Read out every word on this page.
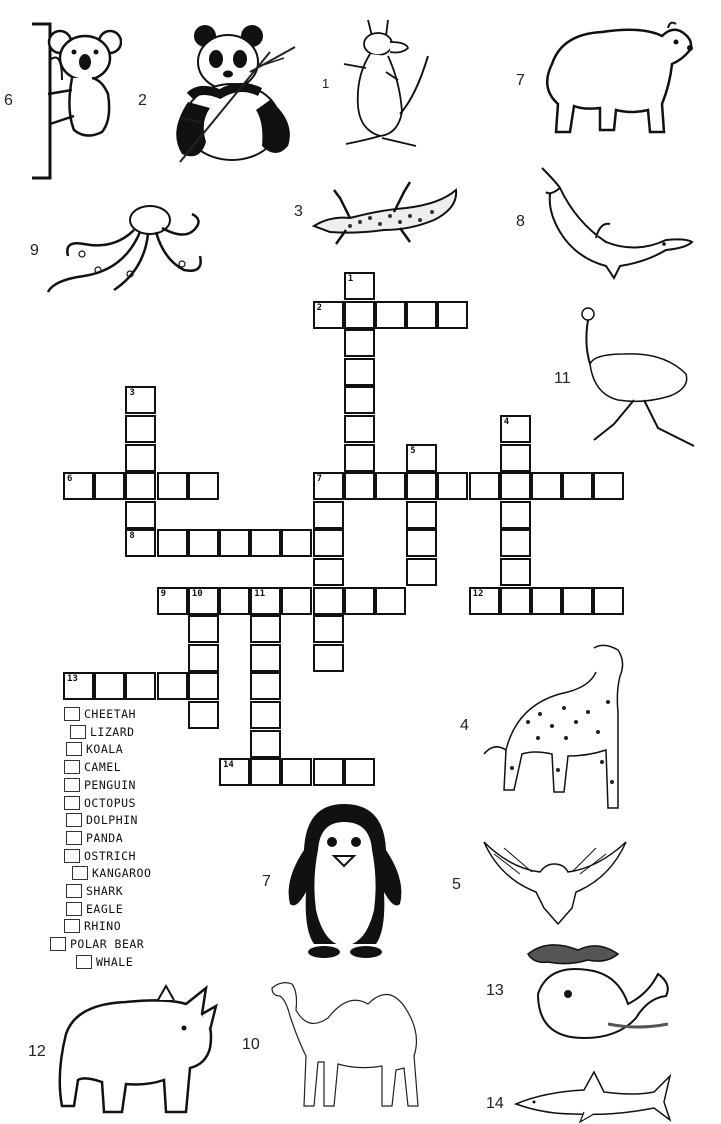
6	2
1	7
3
8
9
11
4
7	5
13
12	10
14
1
2
3
4
5
6	7
8
9	10	11	12
13
14
CHEETAH
LIZARD
KOALA
CAMEL
PENGUIN
OCTOPUS
DOLPHIN
PANDA
OSTRICH
KANGAROO
SHARK
EAGLE
RHINO
POLAR BEAR
WHALE
